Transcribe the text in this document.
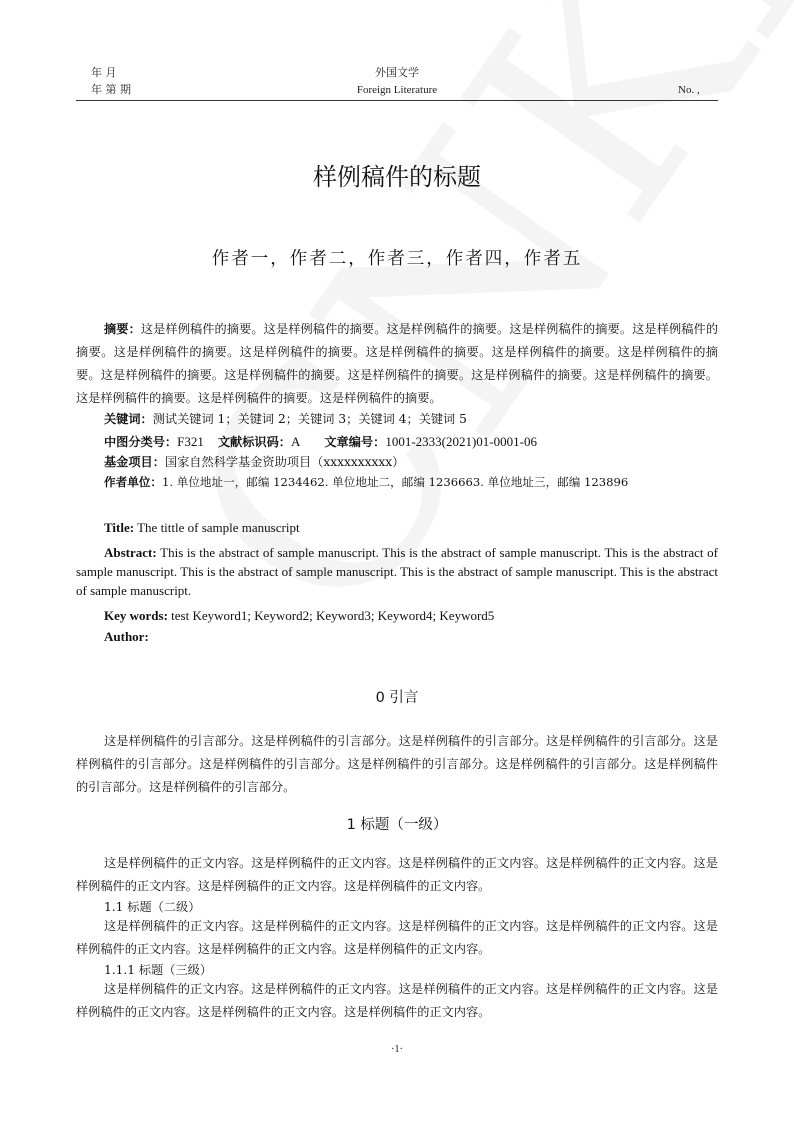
年 月
年 第 期
外国文学
Foreign Literature	No. ,
样例稿件的标题
作者一，作者二，作者三，作者四，作者五
摘要：这是样例稿件的摘要。这是样例稿件的摘要。这是样例稿件的摘要。这是样例稿件的摘要。这是样例稿件的摘要。这是样例稿件的摘要。这是样例稿件的摘要。这是样例稿件的摘要。这是样例稿件的摘要。这是样例稿件的摘要。这是样例稿件的摘要。这是样例稿件的摘要。这是样例稿件的摘要。这是样例稿件的摘要。这是样例稿件的摘要。这是样例稿件的摘要。这是样例稿件的摘要。这是样例稿件的摘要。
关键词：测试关键词 1；关键词 2；关键词 3；关键词 4；关键词 5
中图分类号：F321 文献标识码：A 文章编号：1001-2333(2021)01-0001-06
基金项目：国家自然科学基金资助项目（xxxxxxxxxx）
作者单位：1. 单位地址一，邮编 1234462. 单位地址二，邮编 1236663. 单位地址三，邮编 123896
Title: The tittle of sample manuscript
Abstract: This is the abstract of sample manuscript. This is the abstract of sample manuscript. This is the abstract of sample manuscript. This is the abstract of sample manuscript. This is the abstract of sample manuscript. This is the abstract of sample manuscript.
Key words: test Keyword1; Keyword2; Keyword3; Keyword4; Keyword5
Author:
0 引言
这是样例稿件的引言部分。这是样例稿件的引言部分。这是样例稿件的引言部分。这是样例稿件的引言部分。这是样例稿件的引言部分。这是样例稿件的引言部分。这是样例稿件的引言部分。这是样例稿件的引言部分。这是样例稿件的引言部分。这是样例稿件的引言部分。
1 标题（一级）
这是样例稿件的正文内容。这是样例稿件的正文内容。这是样例稿件的正文内容。这是样例稿件的正文内容。这是样例稿件的正文内容。这是样例稿件的正文内容。这是样例稿件的正文内容。
1.1 标题（二级）
这是样例稿件的正文内容。这是样例稿件的正文内容。这是样例稿件的正文内容。这是样例稿件的正文内容。这是样例稿件的正文内容。这是样例稿件的正文内容。这是样例稿件的正文内容。
1.1.1 标题（三级）
这是样例稿件的正文内容。这是样例稿件的正文内容。这是样例稿件的正文内容。这是样例稿件的正文内容。这是样例稿件的正文内容。这是样例稿件的正文内容。这是样例稿件的正文内容。
·1·
